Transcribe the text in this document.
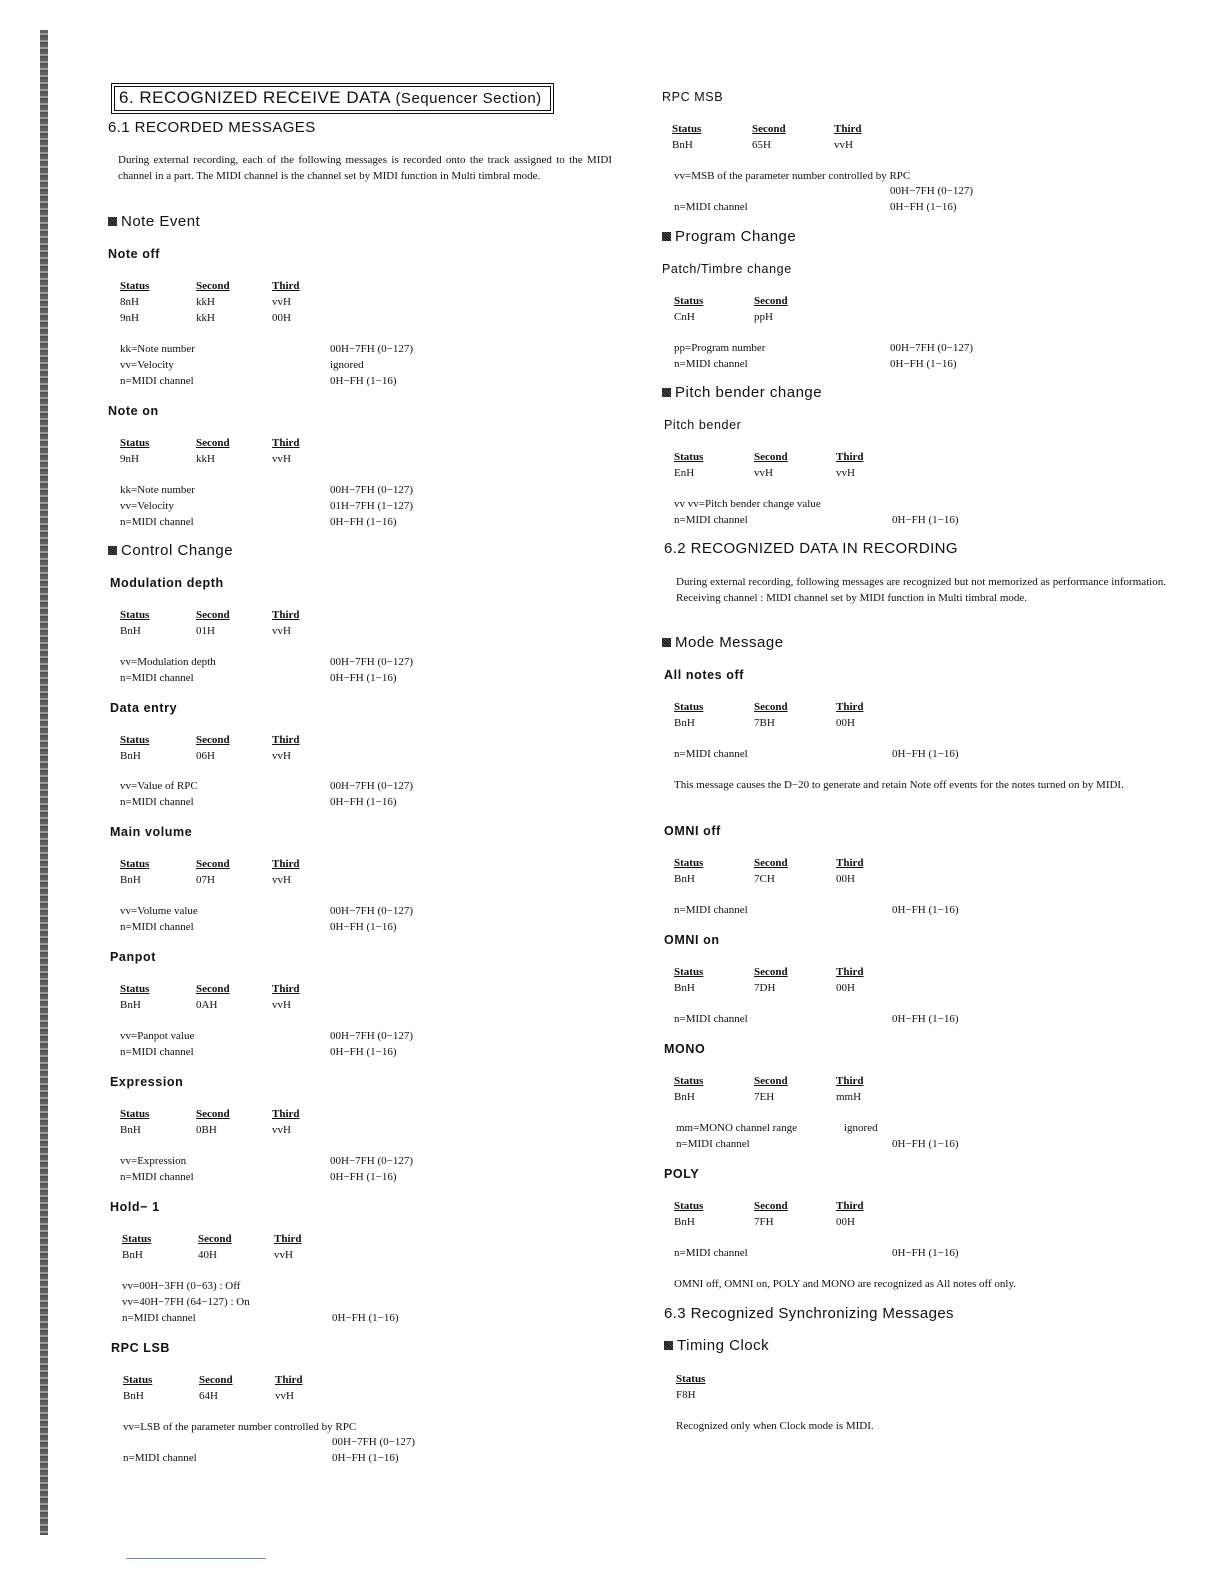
6. RECOGNIZED RECEIVE DATA (Sequencer Section)
6.1 RECORDED MESSAGES
During external recording, each of the following messages is recorded onto the track assigned to the MIDI channel in a part. The MIDI channel is the channel set by MIDI function in Multi timbral mode.
Note Event
Note off
Status	Second	Third
8nH	kkH	vvH
9nH	kkH	00H
kk=Note number	00H−7FH (0−127)
vv=Velocity	ignored
n=MIDI channel	0H−FH (1−16)
Note on
Status	Second	Third
9nH	kkH	vvH
kk=Note number	00H−7FH (0−127)
vv=Velocity	01H−7FH (1−127)
n=MIDI channel	0H−FH (1−16)
Control Change
Modulation depth
Status	Second	Third
BnH	01H	vvH
vv=Modulation depth	00H−7FH (0−127)
n=MIDI channel	0H−FH (1−16)
Data entry
Status	Second	Third
BnH	06H	vvH
vv=Value of RPC	00H−7FH (0−127)
n=MIDI channel	0H−FH (1−16)
Main volume
Status	Second	Third
BnH	07H	vvH
vv=Volume value	00H−7FH (0−127)
n=MIDI channel	0H−FH (1−16)
Panpot
Status	Second	Third
BnH	0AH	vvH
vv=Panpot value	00H−7FH (0−127)
n=MIDI channel	0H−FH (1−16)
Expression
Status	Second	Third
BnH	0BH	vvH
vv=Expression	00H−7FH (0−127)
n=MIDI channel	0H−FH (1−16)
Hold− 1
Status	Second	Third
BnH	40H	vvH
vv=00H−3FH (0−63) : Off
vv=40H−7FH (64−127) : On
n=MIDI channel	0H−FH (1−16)
RPC LSB
Status	Second	Third
BnH	64H	vvH
vv=LSB of the parameter number controlled by RPC
00H−7FH (0−127)
n=MIDI channel	0H−FH (1−16)
RPC MSB
Status	Second	Third
BnH	65H	vvH
vv=MSB of the parameter number controlled by RPC
00H−7FH (0−127)
n=MIDI channel	0H−FH (1−16)
Program Change
Patch/Timbre change
Status	Second
CnH	ppH
pp=Program number	00H−7FH (0−127)
n=MIDI channel	0H−FH (1−16)
Pitch bender change
Pitch bender
Status	Second	Third
EnH	vvH	vvH
vv vv=Pitch bender change value
n=MIDI channel	0H−FH (1−16)
6.2 RECOGNIZED DATA IN RECORDING
During external recording, following messages are recognized but not memorized as performance information. Receiving channel : MIDI channel set by MIDI function in Multi timbral mode.
Mode Message
All notes off
Status	Second	Third
BnH	7BH	00H
n=MIDI channel	0H−FH (1−16)
This message causes the D−20 to generate and retain Note off events for the notes turned on by MIDI.
OMNI off
Status	Second	Third
BnH	7CH	00H
n=MIDI channel	0H−FH (1−16)
OMNI on
Status	Second	Third
BnH	7DH	00H
n=MIDI channel	0H−FH (1−16)
MONO
Status	Second	Third
BnH	7EH	mmH
mm=MONO channel range	ignored
n=MIDI channel	0H−FH (1−16)
POLY
Status	Second	Third
BnH	7FH	00H
n=MIDI channel	0H−FH (1−16)
OMNI off, OMNI on, POLY and MONO are recognized as All notes off only.
6.3 Recognized Synchronizing Messages
Timing Clock
Status
F8H
Recognized only when Clock mode is MIDI.
